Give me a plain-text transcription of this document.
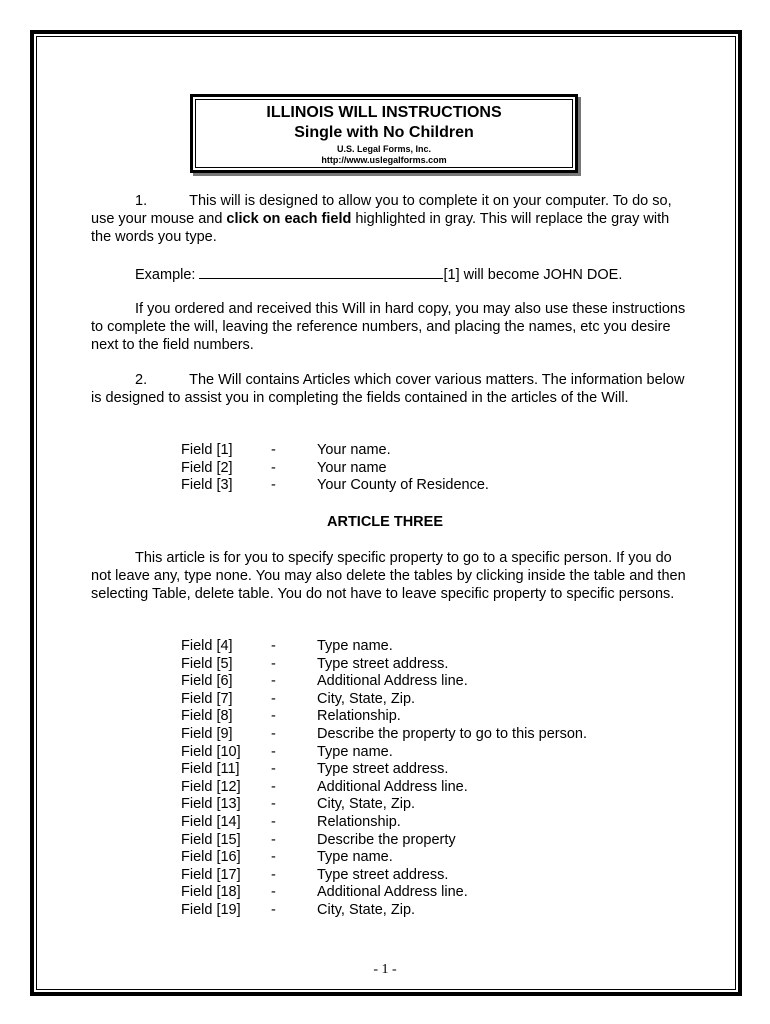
ILLINOIS WILL INSTRUCTIONS
Single with No Children
U.S. Legal Forms, Inc.
http://www.uslegalforms.com
1.	This will is designed to allow you to complete it on your computer. To do so, use your mouse and click on each field highlighted in gray. This will replace the gray with the words you type.
Example:	[1] will become JOHN DOE.
If you ordered and received this Will in hard copy, you may also use these instructions to complete the will, leaving the reference numbers, and placing the names, etc you desire next to the field numbers.
2.	The Will contains Articles which cover various matters. The information below is designed to assist you in completing the fields contained in the articles of the Will.
Field [1]	-	Your name.
Field [2]	-	Your name
Field [3]	-	Your County of Residence.
ARTICLE THREE
This article is for you to specify specific property to go to a specific person. If you do not leave any, type none. You may also delete the tables by clicking inside the table and then selecting Table, delete table. You do not have to leave specific property to specific persons.
Field [4]	-	Type name.
Field [5]	-	Type street address.
Field [6]	-	Additional Address line.
Field [7]	-	City, State, Zip.
Field [8]	-	Relationship.
Field [9]	-	Describe the property to go to this person.
Field [10] -	Type name.
Field [11] -	Type street address.
Field [12] -	Additional Address line.
Field [13] -	City, State, Zip.
Field [14] -	Relationship.
Field [15] -	Describe the property
Field [16] -	Type name.
Field [17] -	Type street address.
Field [18] -	Additional Address line.
Field [19] -	City, State, Zip.
- 1 -
